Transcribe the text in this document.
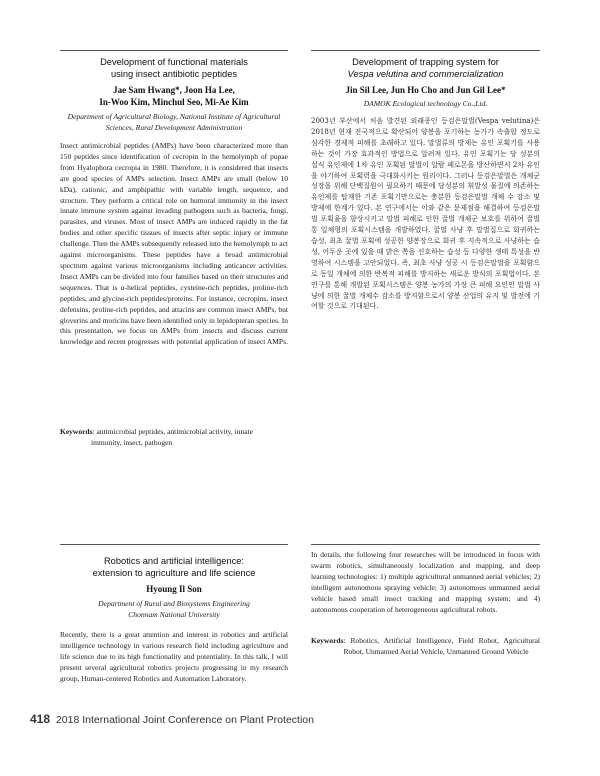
Development of functional materials
using insect antibiotic peptides
Jae Sam Hwang*, Joon Ha Lee,
In-Woo Kim, Minchul Seo, Mi-Ae Kim
Department of Agricultural Biology, National Institute of Agricultural
Sciences, Rural Development Administration
Insect antimicrobial peptides (AMPs) have been characterized more than 150 peptides since identification of cecropin in the hemolymph of pupae from Hyalophora cecropia in 1980. Therefore, it is considered that insects are good species of AMPs selection. Insect AMPs are small (below 10 kDa), cationic, and amphipathic with variable length, sequence, and structure. They perform a critical role on humoral immunity in the insect innate immune system against invading pathogens such as bacteria, fungi, parasites, and viruses. Most of insect AMPs are induced rapidly in the fat bodies and other specific tissues of insects after septic injury or immune challenge. Then the AMPs subsequently released into the hemolymph to act against microorganisms. These peptides have a broad antimicrobial spectrum against various microorganisms including anticancer activities. Insect AMPs can be divided into four families based on their structures and sequences. That is α-helical peptides, cysteine-rich peptides, proline-rich peptides, and glycine-rich peptides/proteins. For instance, cecropins, insect defensins, proline-rich peptides, and attacins are common insect AMPs, but gloverins and moricins have been identified only in lepidopteran species. In this presentation, we focus on AMPs from insects and discuss current knowledge and recent progresses with potential application of insect AMPs.
Keywords : antimicrobial peptides, antimicrobial activity, innate
immunity, insect, pathogen
Development of trapping system for
Vespa velutina and commercialization
Jin Sil Lee, Jun Ho Cho and Jun Gil Lee*
DAMOK Ecological technology Co.,Ltd.
2003년 부산에서 처음 발견된 외래종인 등검은말벌(Vespa velutina)은 2018년 현재 전국적으로 확산되어 양봉을 포기하는 농가가 속출할 정도로 심각한 경제적 피해를 초래하고 있다. 말벌류의 방제는 유인 포획기를 사용하는 것이 가장 효과적인 방법으로 알려져 있다. 유인 포획기는 당 성분의 섭식 유인제에 1차 유인 포획된 말벌이 알람 페로몬을 방산하면서 2차 유인을 야기하여 포획력을 극대화시키는 원리이다. 그러나 등검은말벌은 개체군 성장을 위해 단백질원이 필요하기 때문에 당성분의 휘발성 물질에 의존하는 유인제를 탑재한 기존 포획기만으로는 충분한 등검은말벌 개체 수 감소 및 방제에 한계가 있다. 본 연구에서는 이와 같은 문제점을 해결하여 등검은말벌 포획율을 향상시키고 말벌 피해로 인한 꿀벌 개체군 보호를 위하여 꿀벌통 일체형의 포획시스템을 개발하였다. 꿀벌 사냥 후 말벌집으로 회귀하는 습성, 최초 꿀벌 포획에 성공한 양봉장으로 회귀 후 지속적으로 사냥하는 습성, 어두운 곳에 있을 때 밝은 쪽을 선호하는 습성 등 다양한 생태 특성을 반영하여 시스템을 고안되었다. 즉, 최초 사냥 성공 시 등검은말벌을 포획함으로 동일 개체에 의한 반복적 피해를 방지하는 새로운 방식의 포획법이다. 본 연구를 통해 개발된 포획시스템은 양봉 농가의 가장 큰 피해 요인인 말벌 사냥에 의한 꿀벌 개체수 감소를 방지함으로서 양봉 산업의 유지 및 발전에 기여할 것으로 기대된다.
Robotics and artificial intelligence:
extension to agriculture and life science
Hyoung Il Son
Department of Rural and Biosystems Engineering
Chonnam National University
Recently, there is a great attention and interest in robotics and artificial intelligence technology in various research field including agriculture and life science due to its high functionality and potentiality. In this talk, I will present several agricultural robotics projects progressing in my research group, Human-centered Robotics and Automation Laboratory.
In details, the following four researches will be introduced in focus with swarm robotics, simultaneously localization and mapping, and deep learning technologies: 1) multiple agricultural unmanned aerial vehicles; 2) intelligent autonomous spraying vehicle; 3) autonomous unmanned aerial vehicle based small insect tracking and mapping system; and 4) autonomous cooperation of heterogeneous agricultural robots.
Keywords : Robotics, Artificial Intelligence, Field Robot, Agricultural Robot, Unmanned Aerial Vehicle, Unmanned Ground Vehicle
418 2018 International Joint Conference on Plant Protection
